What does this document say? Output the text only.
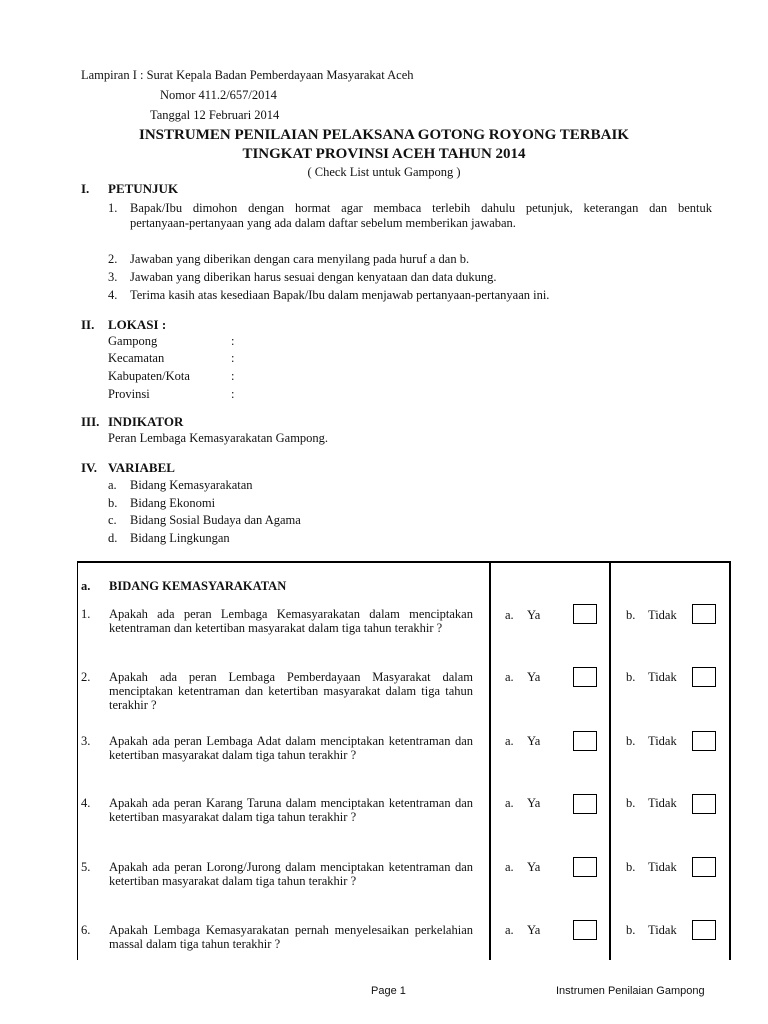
Lampiran I : Surat Kepala Badan Pemberdayaan Masyarakat Aceh
Nomor 411.2/657/2014
Tanggal 12 Februari 2014
INSTRUMEN PENILAIAN PELAKSANA GOTONG ROYONG TERBAIK
TINGKAT PROVINSI ACEH TAHUN 2014
( Check List untuk Gampong )
I. PETUNJUK
1. Bapak/Ibu dimohon dengan hormat agar membaca terlebih dahulu petunjuk, keterangan dan bentuk
pertanyaan-pertanyaan yang ada dalam daftar sebelum memberikan jawaban.
2. Jawaban yang diberikan dengan cara menyilang pada huruf a dan b.
3. Jawaban yang diberikan harus sesuai dengan kenyataan dan data dukung.
4. Terima kasih atas kesediaan Bapak/Ibu dalam menjawab pertanyaan-pertanyaan ini.
II. LOKASI :
Gampong	:
Kecamatan	:
Kabupaten/Kota	:
Provinsi	:
III. INDIKATOR
Peran Lembaga Kemasyarakatan Gampong.
IV. VARIABEL
a. Bidang Kemasyarakatan
b. Bidang Ekonomi
c. Bidang Sosial Budaya dan Agama
d. Bidang Lingkungan
a. BIDANG KEMASYARAKATAN
1. Apakah ada peran Lembaga Kemasyarakatan dalam menciptakan ketentraman dan ketertiban masyarakat dalam tiga tahun terakhir ?
a. Ya	b. Tidak
2. Apakah ada peran Lembaga Pemberdayaan Masyarakat dalam menciptakan ketentraman dan ketertiban masyarakat dalam tiga tahun terakhir ?
a. Ya	b. Tidak
3. Apakah ada peran Lembaga Adat dalam menciptakan ketentraman dan ketertiban masyarakat dalam tiga tahun terakhir ?
a. Ya	b. Tidak
4. Apakah ada peran Karang Taruna dalam menciptakan ketentraman dan ketertiban masyarakat dalam tiga tahun terakhir ?
a. Ya	b. Tidak
5. Apakah ada peran Lorong/Jurong dalam menciptakan ketentraman dan ketertiban masyarakat dalam tiga tahun terakhir ?
a. Ya	b. Tidak
6. Apakah Lembaga Kemasyarakatan pernah menyelesaikan perkelahian massal dalam tiga tahun terakhir ?
a. Ya	b. Tidak
Page 1	Instrumen Penilaian Gampong
